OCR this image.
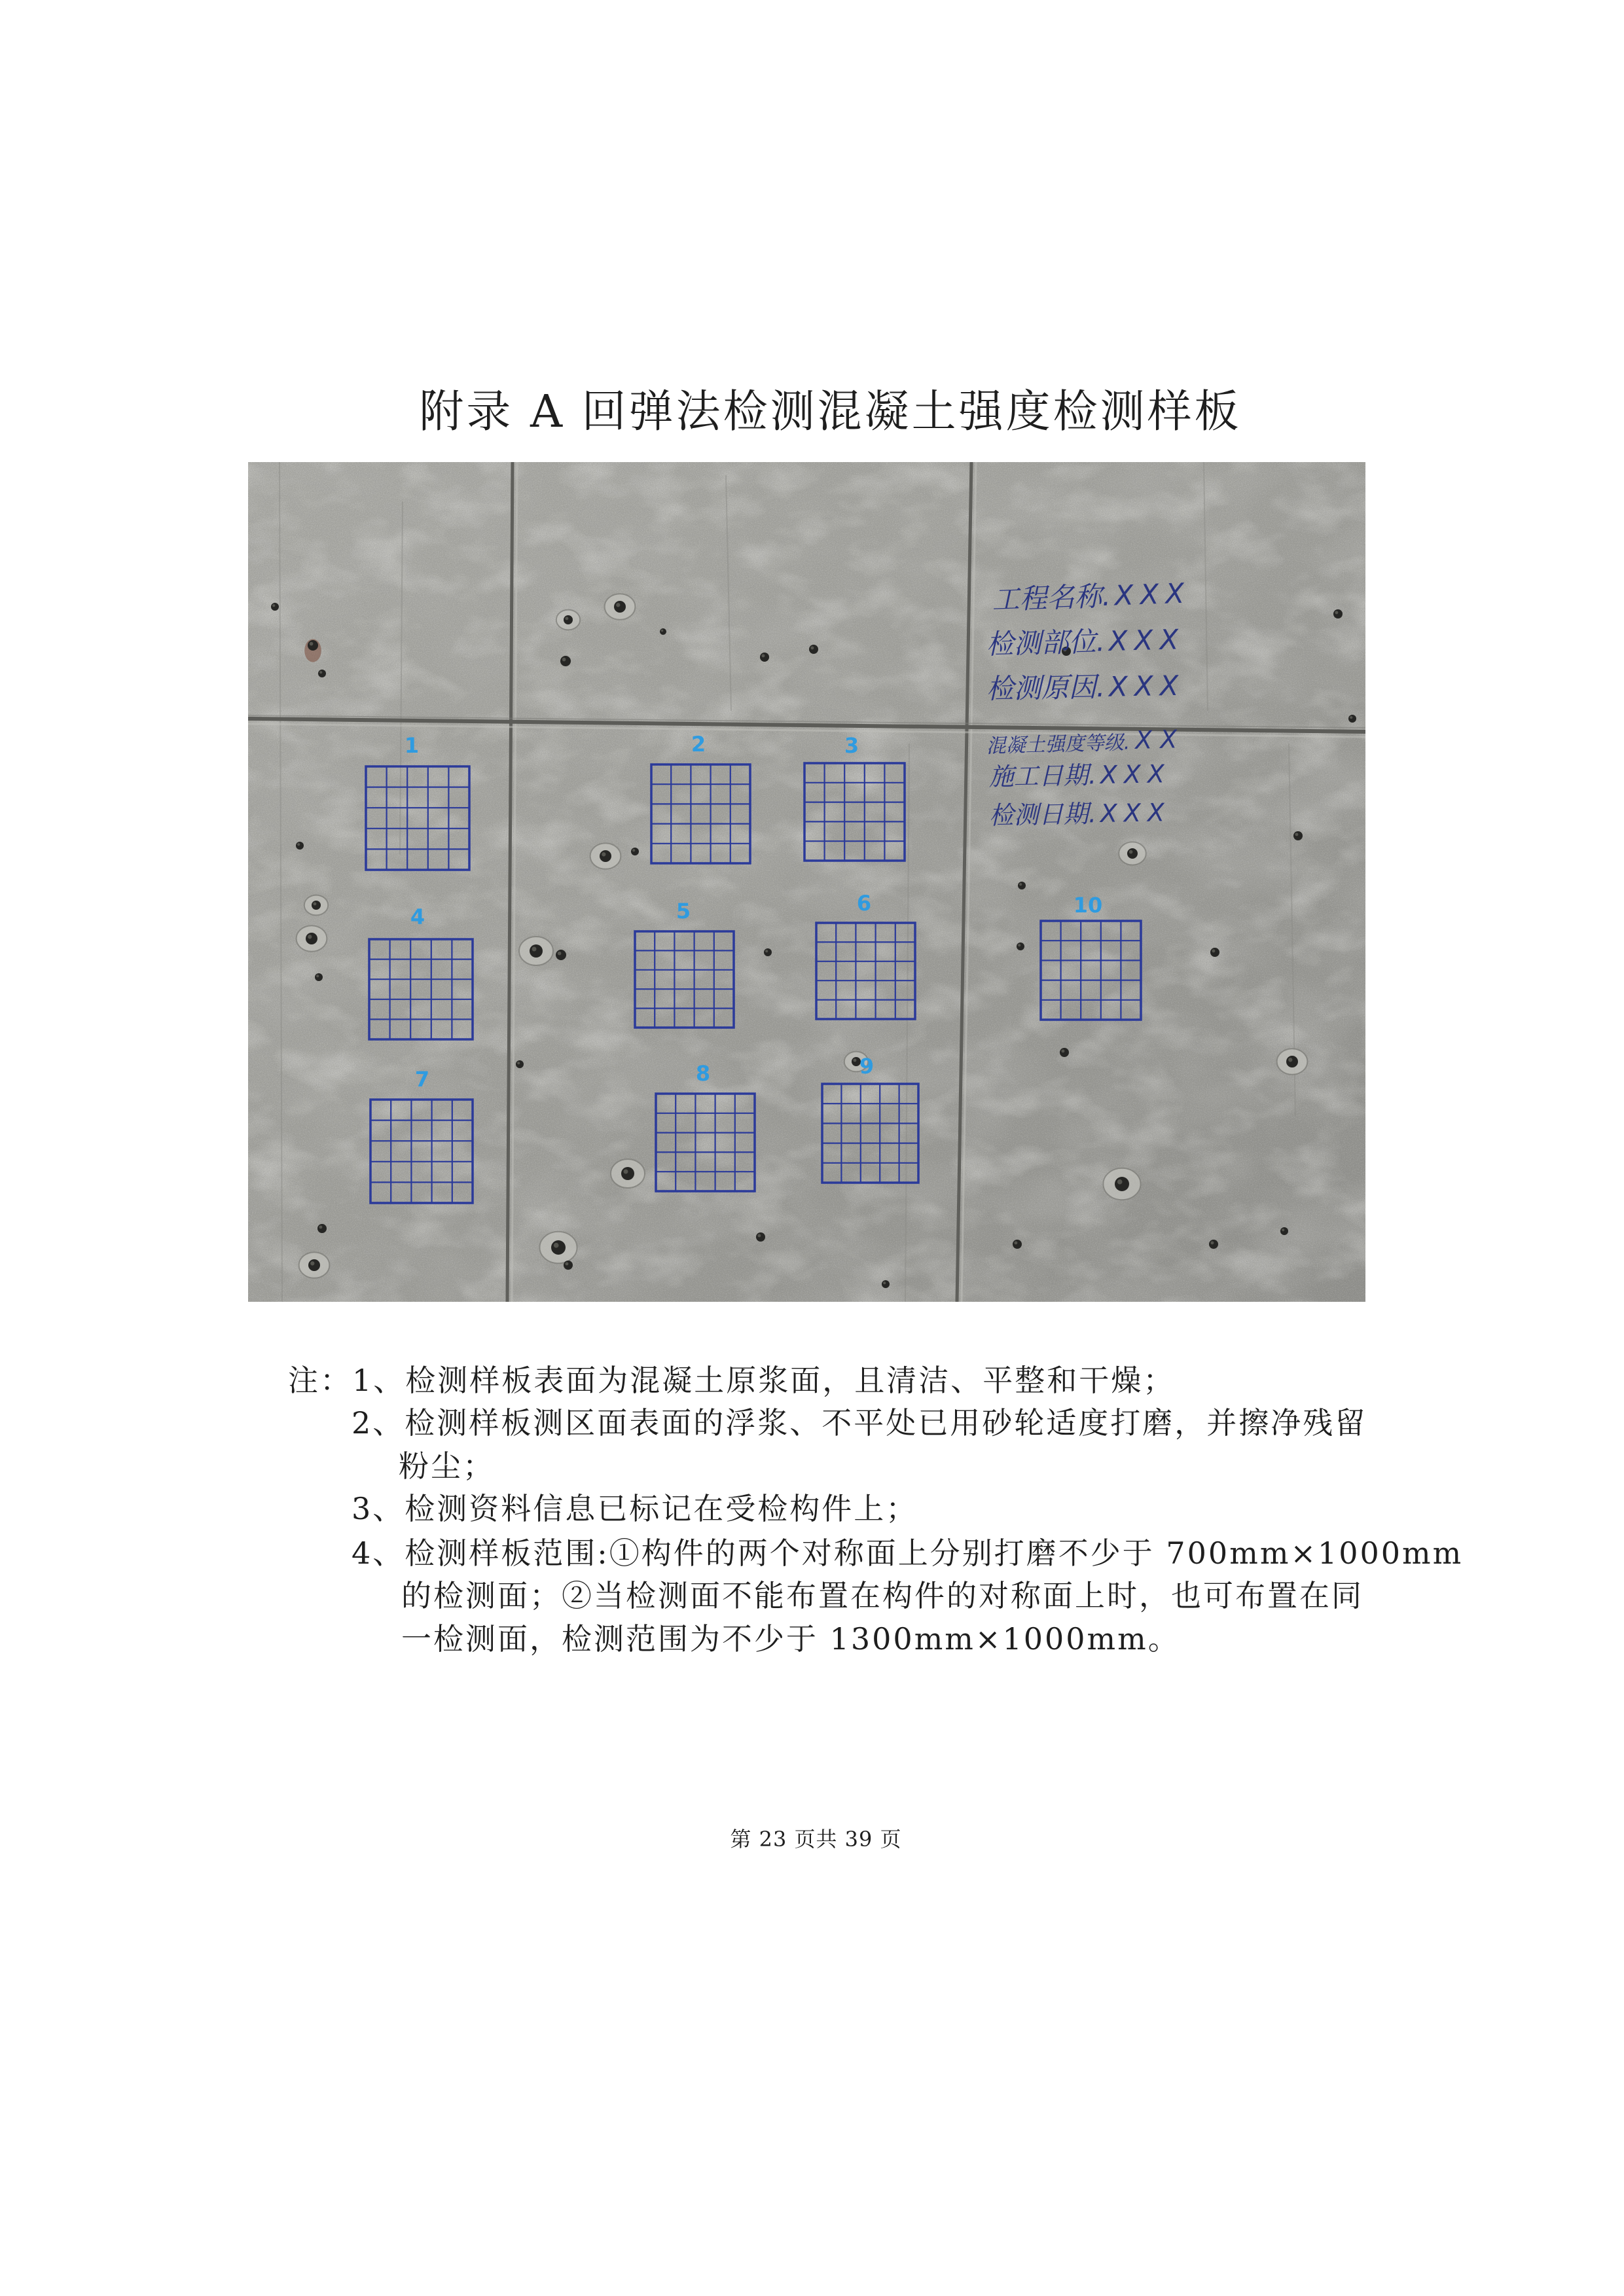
附录 A 回弹法检测混凝土强度检测样板
1	2	3
4	5	6	10
7	8	9
工程名称. XXX
检测部位. XXX
检测原因. XXX
混凝土强度等级. XX
施工日期. XXX
检测日期. XXX
注：1、检测样板表面为混凝土原浆面，且清洁、平整和干燥；
2、检测样板测区面表面的浮浆、不平处已用砂轮适度打磨，并擦净残留
粉尘；
3、检测资料信息已标记在受检构件上；
4、检测样板范围:①构件的两个对称面上分别打磨不少于 700mm×1000mm
的检测面；②当检测面不能布置在构件的对称面上时，也可布置在同
一检测面，检测范围为不少于 1300mm×1000mm。
第 23 页共 39 页
